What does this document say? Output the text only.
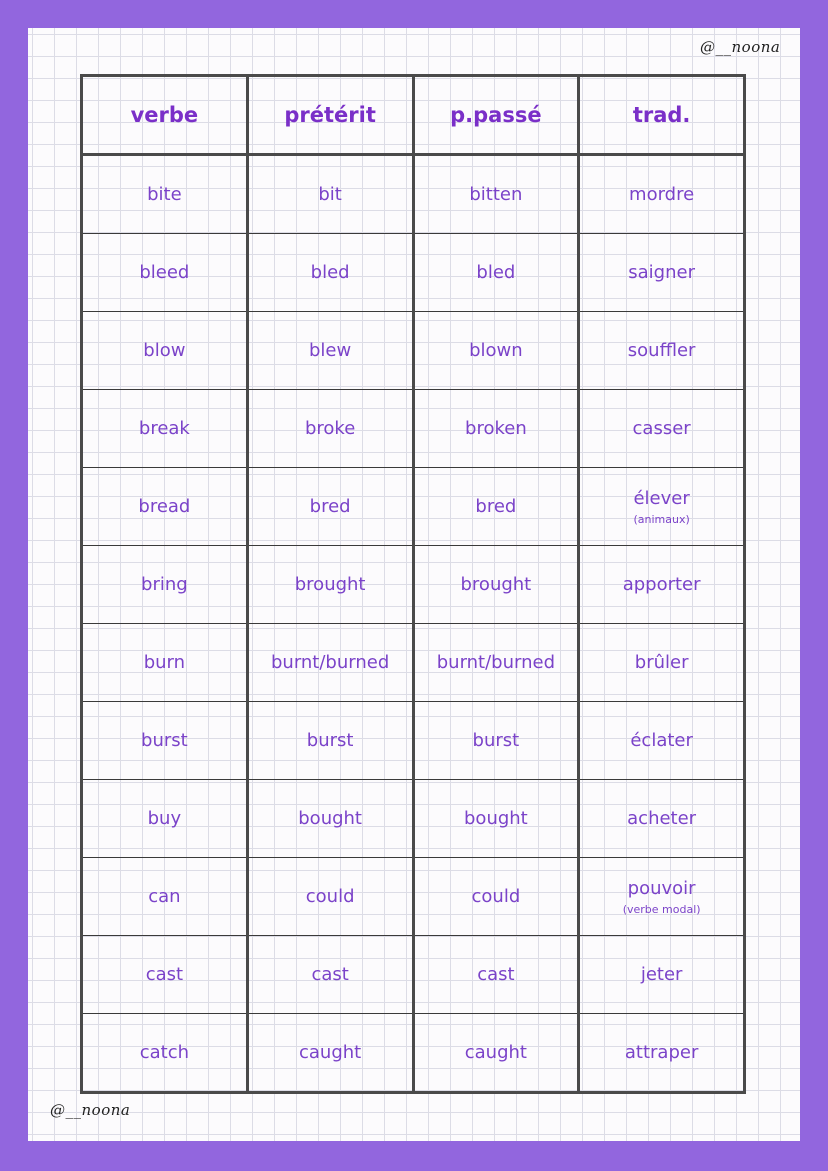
@__noona
verbe	prétérit	p.passé	trad.
bite	bit	bitten	mordre
bleed	bled	bled	saigner
blow	blew	blown	souffler
break	broke	broken	casser
bread	bred	bred	élever
(animaux)

bring	brought	brought	apporter
burn	burnt/burned	burnt/burned	brûler
burst	burst	burst	éclater
buy	bought	bought	acheter
can	could	could	pouvoir
(verbe modal)

cast	cast	cast	jeter
catch	caught	caught	attraper
@__noona
